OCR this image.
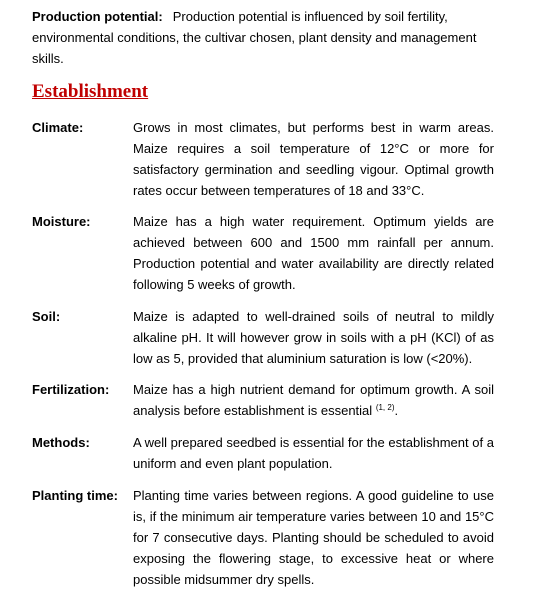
Production potential: Production potential is influenced by soil fertility, environmental conditions, the cultivar chosen, plant density and management skills.
Establishment
Climate:	Grows in most climates, but performs best in warm areas. Maize requires a soil temperature of 12°C or more for satisfactory germination and seedling vigour. Optimal growth rates occur between temperatures of 18 and 33°C.
Moisture:	Maize has a high water requirement. Optimum yields are achieved between 600 and 1500 mm rainfall per annum. Production potential and water availability are directly related following 5 weeks of growth.
Soil:	Maize is adapted to well-drained soils of neutral to mildly alkaline pH. It will however grow in soils with a pH (KCl) of as low as 5, provided that aluminium saturation is low (<20%).
Fertilization: Maize has a high nutrient demand for optimum growth. A soil analysis before establishment is essential $^{(1, 2)}$.
Methods:	A well prepared seedbed is essential for the establishment of a uniform and even plant population.
Planting time: Planting time varies between regions. A good guideline to use is, if the minimum air temperature varies between 10 and 15°C for 7 consecutive days. Planting should be scheduled to avoid exposing the flowering stage, to excessive heat or where possible midsummer dry spells.
